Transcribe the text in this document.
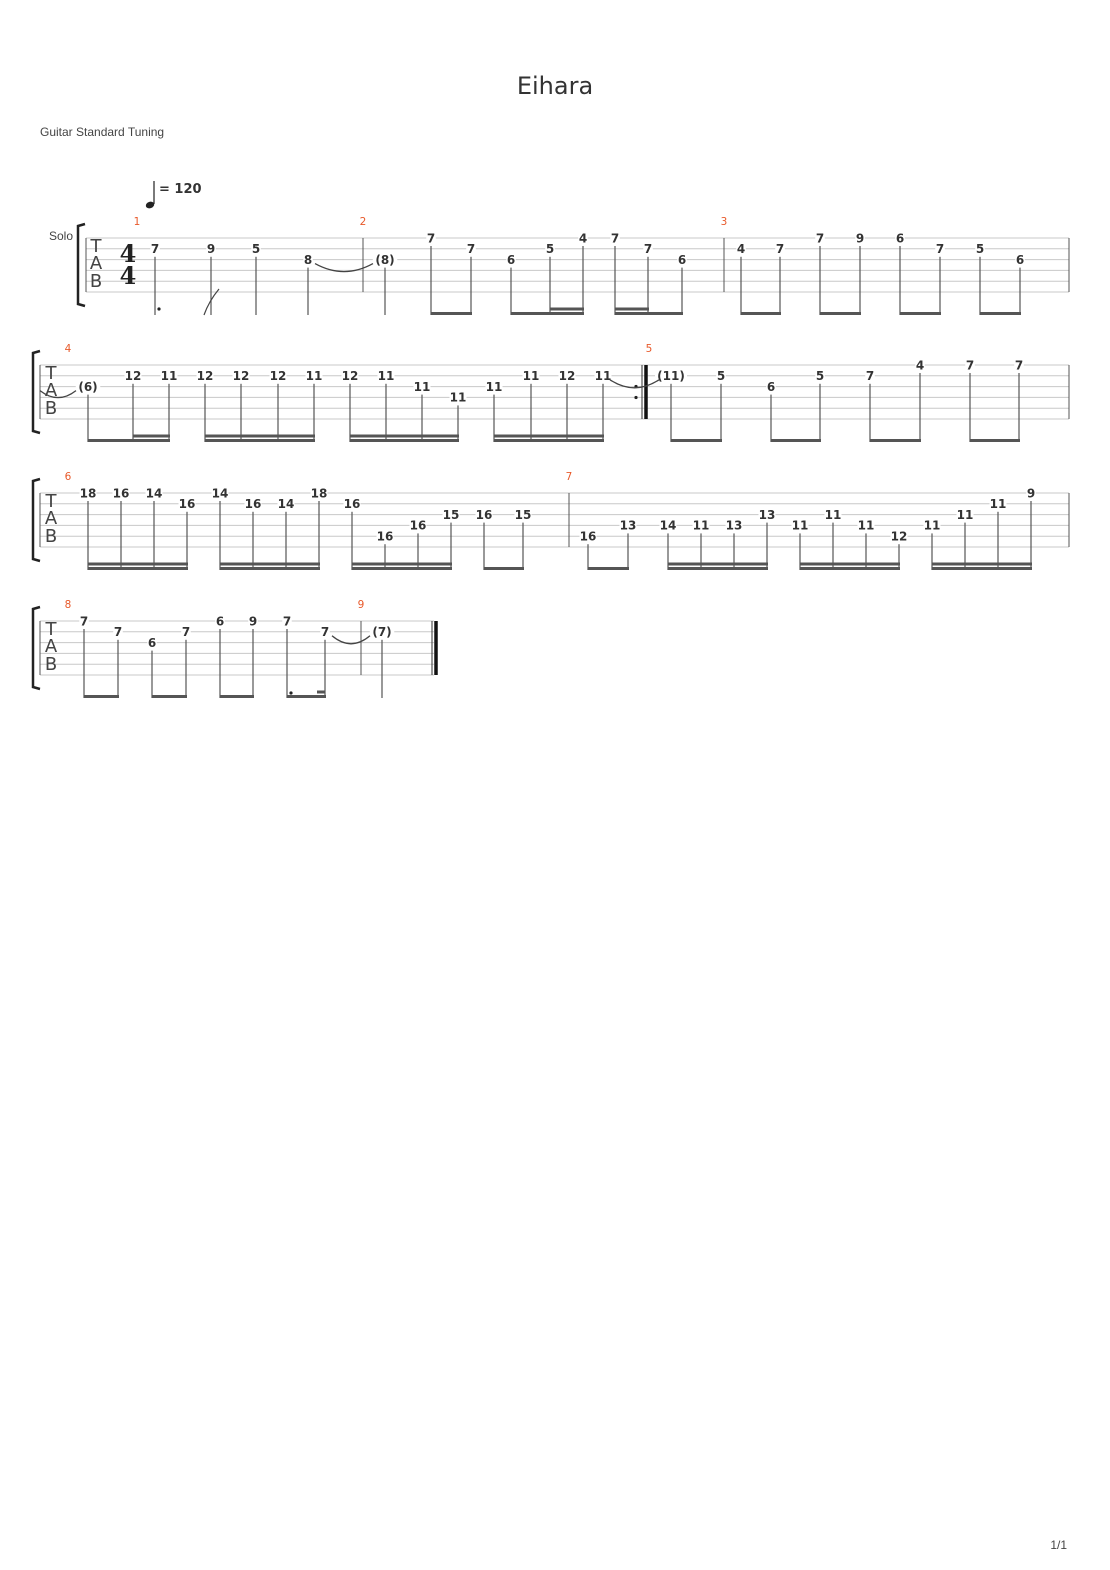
Eihara
Guitar Standard Tuning
Solo
1/1
T
A
B
4
4
T
A
B
T
A
B
T
A
B
= 120
1
7	9	5
8
2
(8)
7
7
6
5
4 7
7
6
3
4	7
7	9	6
7	5
6
4
(6)
12 11 12 12 12 11 12 11
11
11
11
11 12 11
5
(11)	5
6
5	7
4	7	7
6
18 16 14
16
14
16 14
18
16
16
16
15 16 15
7
16
13 14 11 13
13
11
11
11
12
11
11
11
9
8
7
7
6
7
6 9 7
7
9
(7)
